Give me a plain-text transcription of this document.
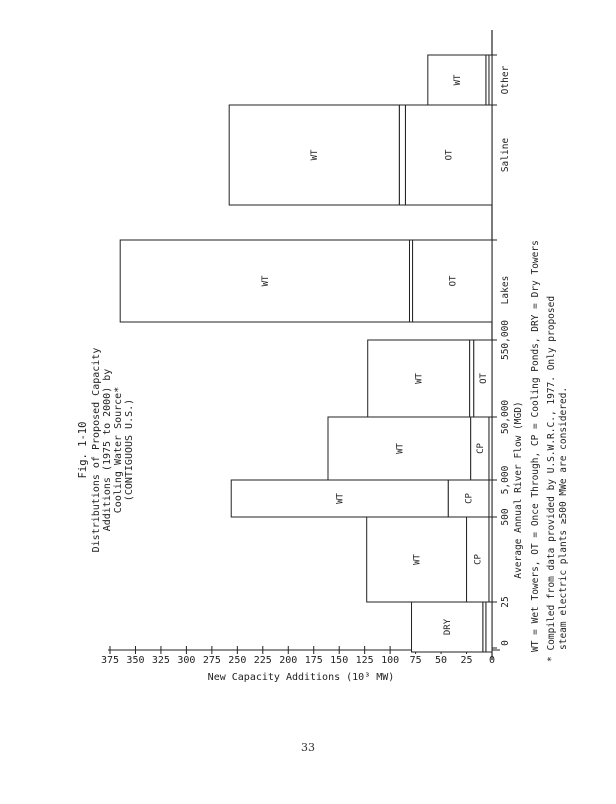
Fig. 1-10 Distributions of Proposed Capacity Additions (1975 to 2000) by Cooling Water Source* (CONTIGUOUS U.S.)	WT = Wet Towers, OT = Once Through, CP = Cooling Ponds, DRY = Dry Towers * Compiled from data provided by U.S.W.R.C., 1977. Only proposed steam electric plants ≥500 MWe are considered.
0
25
50
75
100
125
150
175
200
225
250
275
300
325
350
375
New Capacity Additions (10³ MW)
0
25
500
5,000
50,000
550,000
Lakes
Saline
Other
Average Annual River Flow (MGD)
DRY
CP
WT
CP
WT
CP
WT
OT
WT
OT
WT
OT
WT
WT
33
